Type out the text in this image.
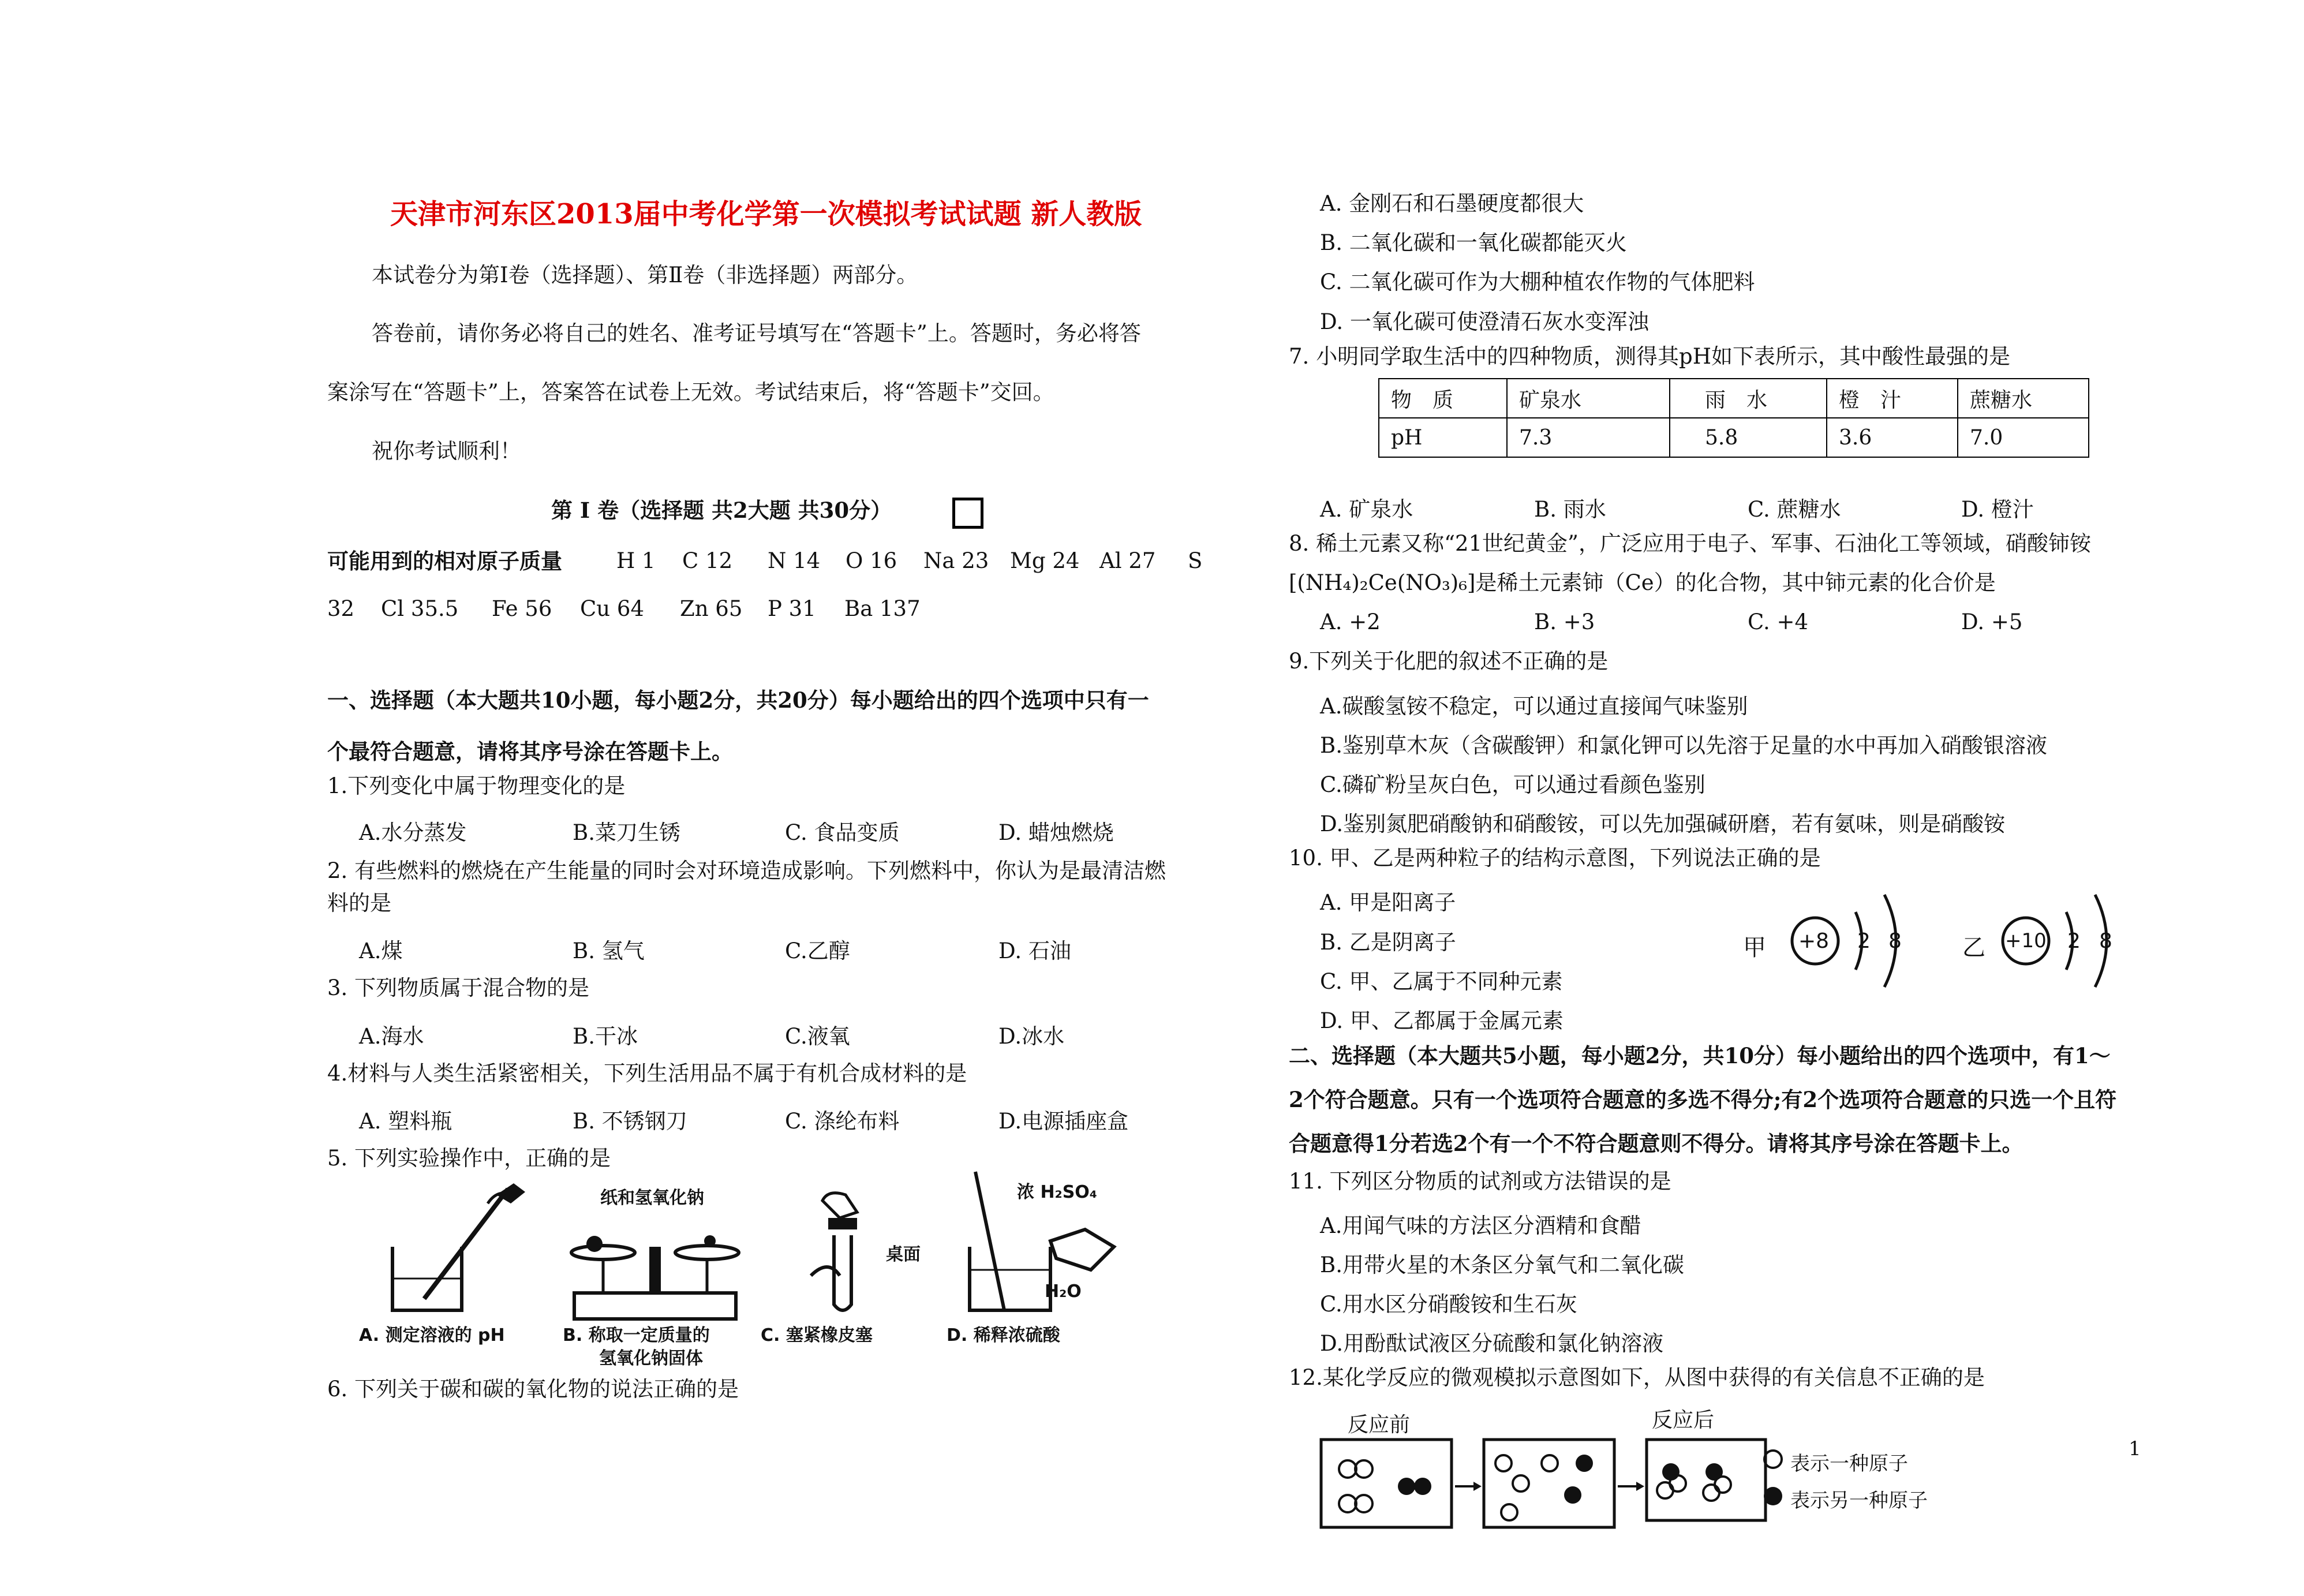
天津市河东区2013届中考化学第一次模拟考试试题 新人教版
本试卷分为第Ⅰ卷（选择题）、第Ⅱ卷（非选择题）两部分。
答卷前，请你务必将自己的姓名、准考证号填写在“答题卡”上。答题时，务必将答
案涂写在“答题卡”上，答案答在试卷上无效。考试结束后，将“答题卡”交回。
祝你考试顺利！
第 Ⅰ 卷（选择题 共2大题 共30分）
可能用到的相对原子质量	H 1 C 12 N 14 O 16 Na 23 Mg 24 Al 27 S
32 Cl 35.5 Fe 56 Cu 64 Zn 65 P 31 Ba 137
一、选择题（本大题共10小题，每小题2分，共20分）每小题给出的四个选项中只有一
个最符合题意，请将其序号涂在答题卡上。
1.下列变化中属于物理变化的是
A.水分蒸发	B.菜刀生锈	C. 食品变质	D. 蜡烛燃烧
2. 有些燃料的燃烧在产生能量的同时会对环境造成影响。下列燃料中，你认为是最清洁燃
料的是
A.煤	B. 氢气	C.乙醇	D. 石油
3. 下列物质属于混合物的是
A.海水	B.干冰	C.液氧	D.冰水
4.材料与人类生活紧密相关，下列生活用品不属于有机合成材料的是
A. 塑料瓶	B. 不锈钢刀	C. 涤纶布料	D.电源插座盒
5. 下列实验操作中，正确的是
A. 测定溶液的 pH
纸和氢氧化钠
B. 称取一定质量的
氢氧化钠固体
桌面
C. 塞紧橡皮塞
浓 H₂SO₄
H₂O
D. 稀释浓硫酸
6. 下列关于碳和碳的氧化物的说法正确的是
A. 金刚石和石墨硬度都很大
B. 二氧化碳和一氧化碳都能灭火
C. 二氧化碳可作为大棚种植农作物的气体肥料
D. 一氧化碳可使澄清石灰水变浑浊
7. 小明同学取生活中的四种物质，测得其pH如下表所示，其中酸性最强的是
物　质	矿泉水	雨　水	橙　汁	蔗糖水
pH	7.3	5.8	3.6	7.0
A. 矿泉水	B. 雨水	C. 蔗糖水	D. 橙汁
8. 稀土元素又称“21世纪黄金”，广泛应用于电子、军事、石油化工等领域，硝酸铈铵
[(NH₄)₂Ce(NO₃)₆]是稀土元素铈（Ce）的化合物，其中铈元素的化合价是
A. +2	B. +3	C. +4	D. +5
9.下列关于化肥的叙述不正确的是
A.碳酸氢铵不稳定，可以通过直接闻气味鉴别
B.鉴别草木灰（含碳酸钾）和氯化钾可以先溶于足量的水中再加入硝酸银溶液
C.磷矿粉呈灰白色，可以通过看颜色鉴别
D.鉴别氮肥硝酸钠和硝酸铵，可以先加强碱研磨，若有氨味，则是硝酸铵
10. 甲、乙是两种粒子的结构示意图，下列说法正确的是
A. 甲是阳离子
B. 乙是阴离子
C. 甲、乙属于不同种元素
D. 甲、乙都属于金属元素
甲 +8 2 8	乙 +10 2 8
二、选择题（本大题共5小题，每小题2分，共10分）每小题给出的四个选项中，有1～
2个符合题意。只有一个选项符合题意的多选不得分;有2个选项符合题意的只选一个且符
合题意得1分若选2个有一个不符合题意则不得分。请将其序号涂在答题卡上。
11. 下列区分物质的试剂或方法错误的是
A.用闻气味的方法区分酒精和食醋
B.用带火星的木条区分氧气和二氧化碳
C.用水区分硝酸铵和生石灰
D.用酚酞试液区分硫酸和氯化钠溶液
12.某化学反应的微观模拟示意图如下，从图中获得的有关信息不正确的是
反应前	反应后
表示一种原子
表示另一种原子
1
